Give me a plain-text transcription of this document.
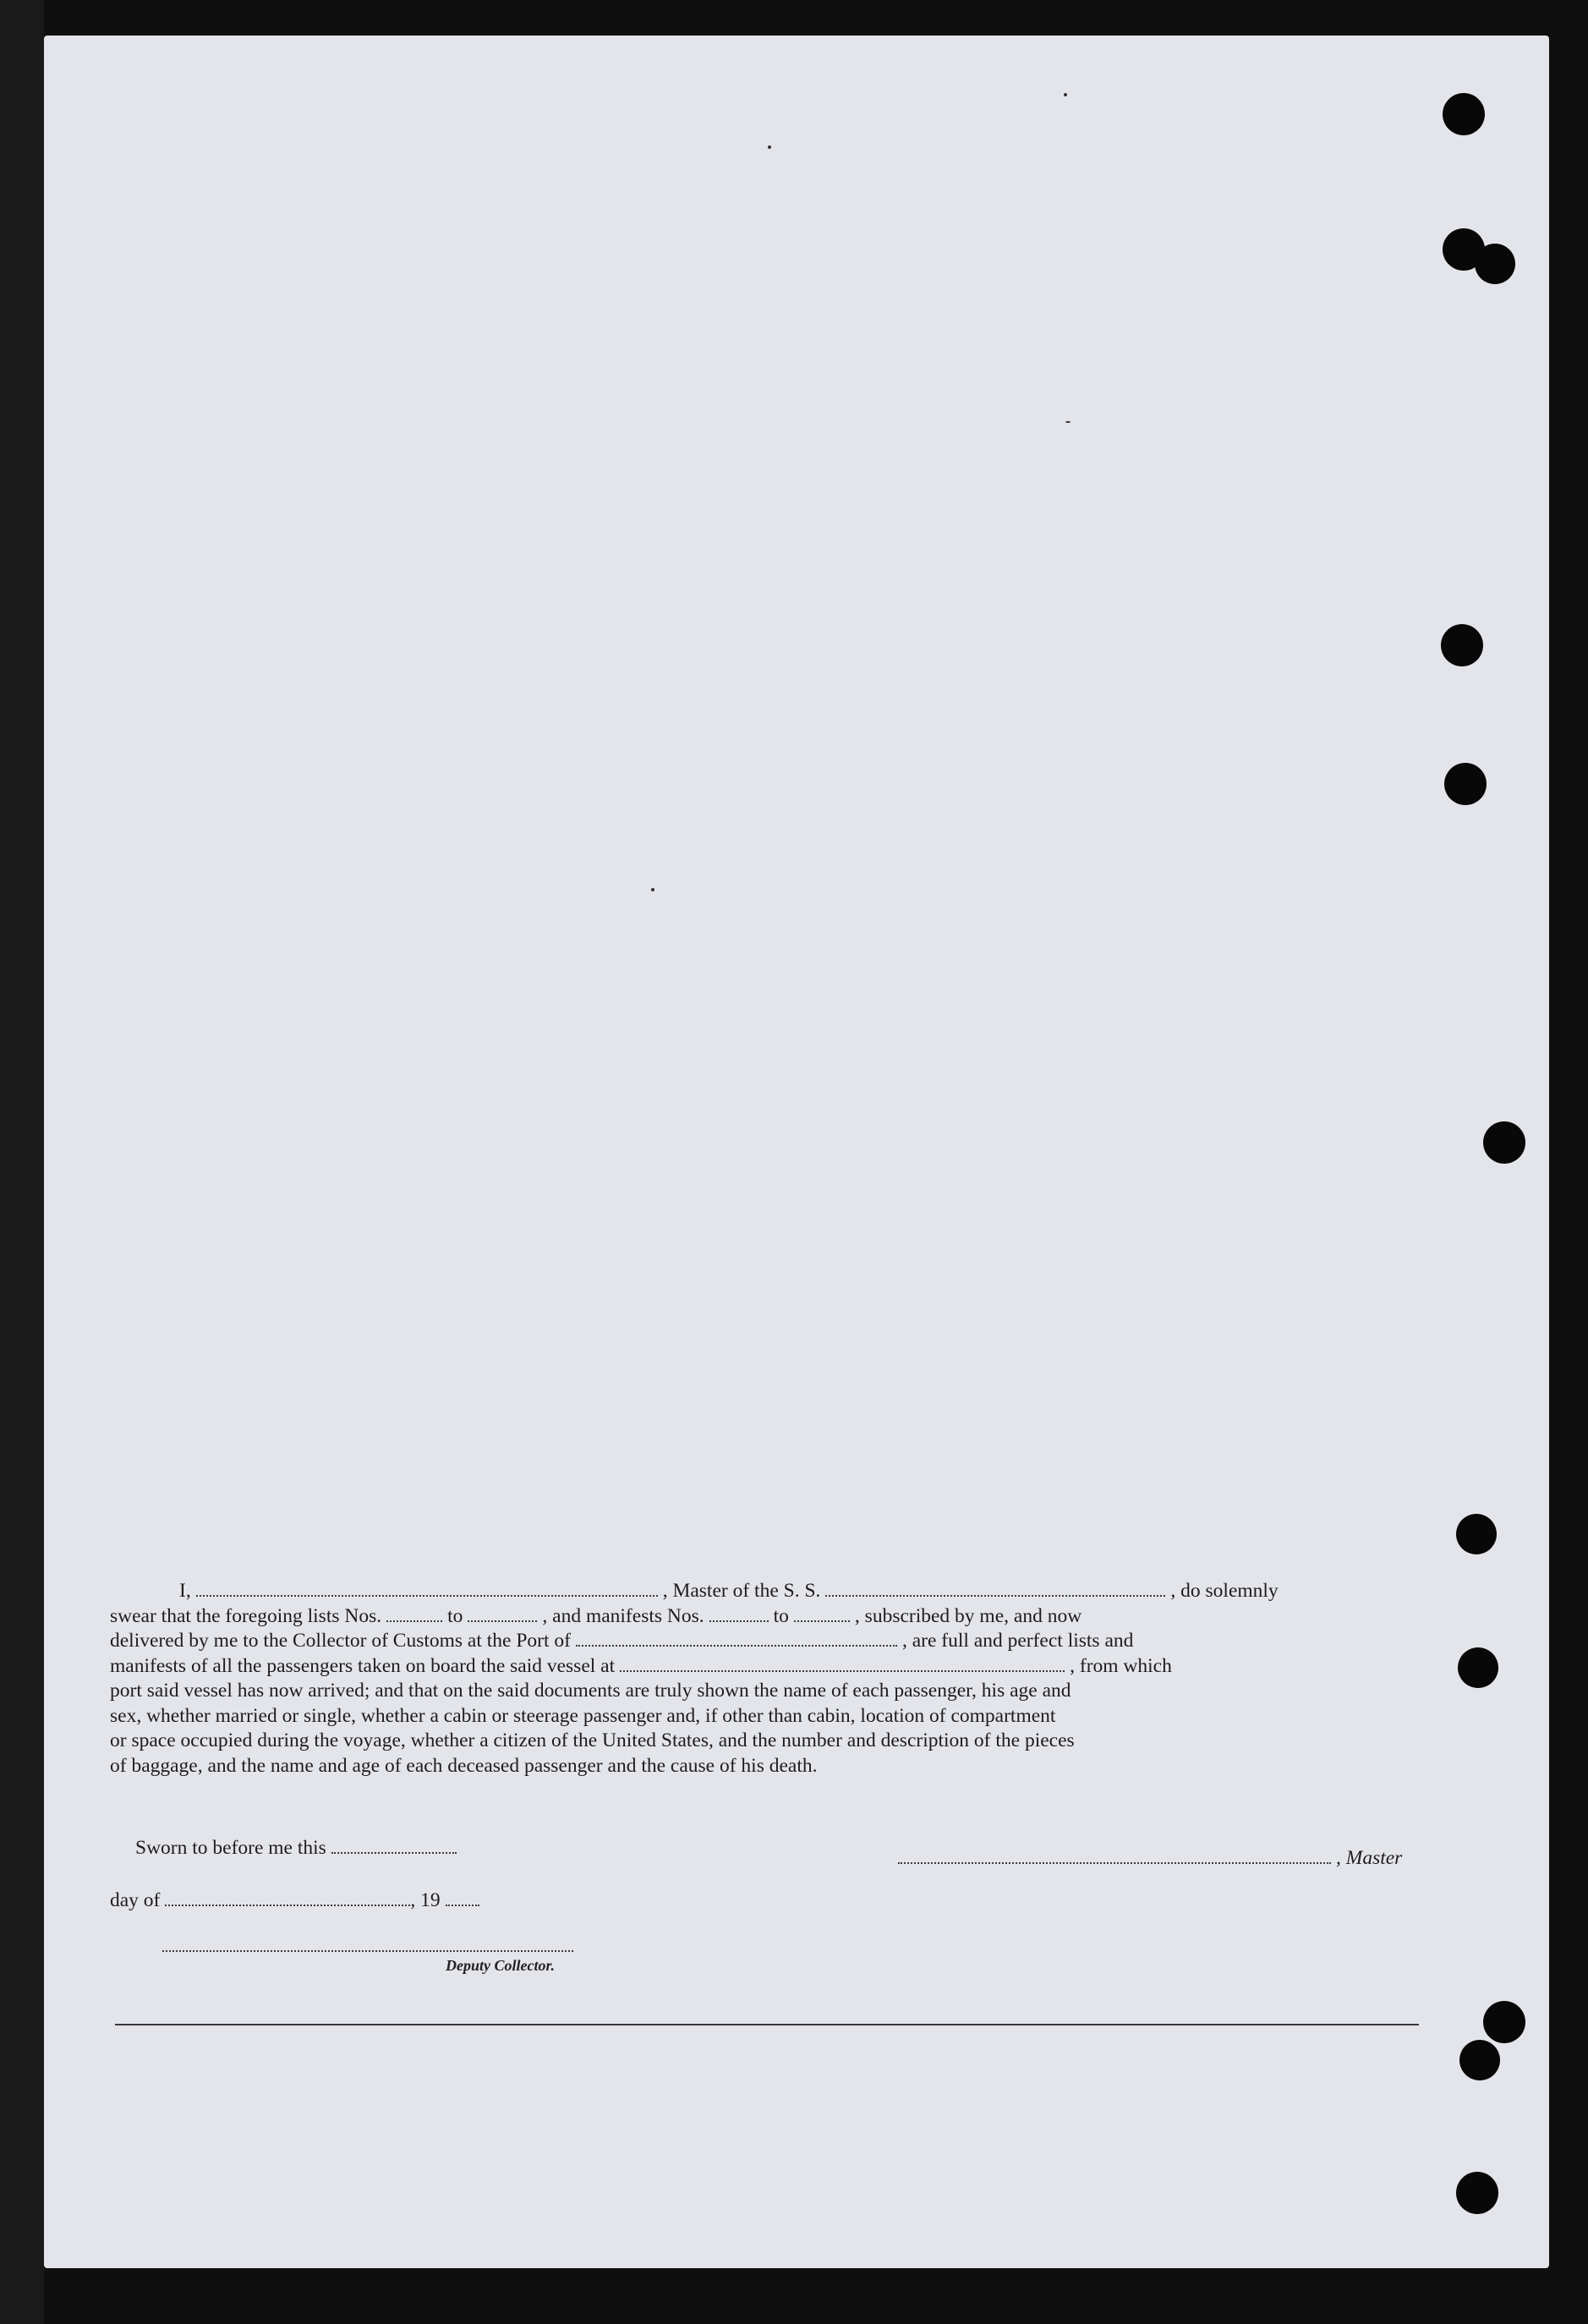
I,	, Master of the S. S.	, do solemnly
swear that the foregoing lists Nos.	to	, and manifests Nos.	to	, subscribed by me, and now
delivered by me to the Collector of Customs at the Port of	, are full and perfect lists and
manifests of all the passengers taken on board the said vessel at	, from which
port said vessel has now arrived; and that on the said documents are truly shown the name of each passenger, his age and
sex, whether married or single, whether a cabin or steerage passenger and, if other than cabin, location of compartment
or space occupied during the voyage, whether a citizen of the United States, and the number and description of the pieces
of baggage, and the name and age of each deceased passenger and the cause of his death.
Sworn to before me this
day of	, 19
, Master
Deputy Collector.
